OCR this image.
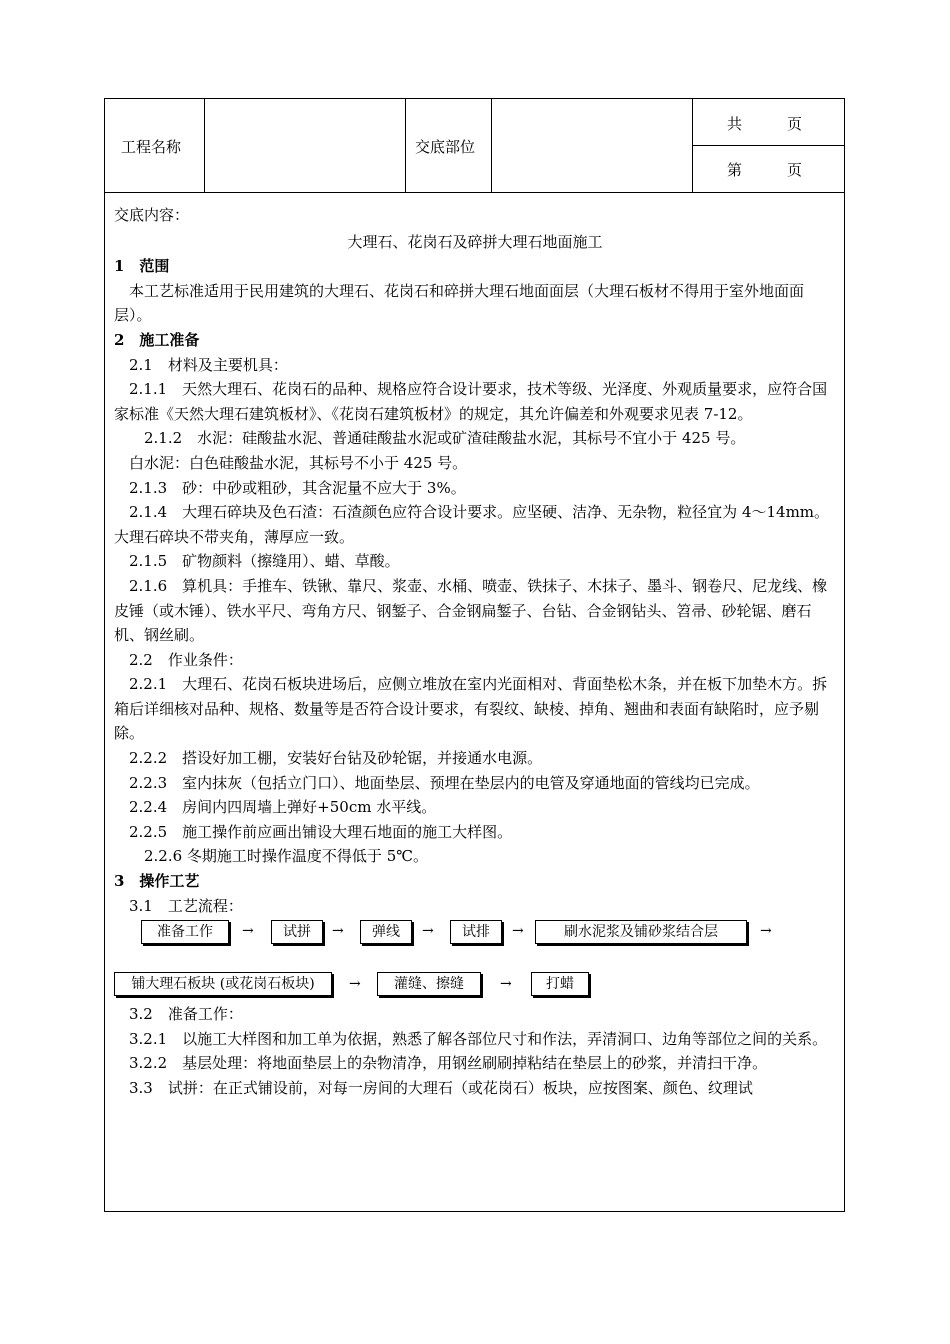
工程名称	交底部位
共　　　页
第　　　页

交底内容：

大理石、花岗石及碎拼大理石地面施工

1　范围

　本工艺标准适用于民用建筑的大理石、花岗石和碎拼大理石地面面层（大理石板材不得用于室外地面面层）。

2　施工准备

　2.1　材料及主要机具：

　2.1.1　天然大理石、花岗石的品种、规格应符合设计要求，技术等级、光泽度、外观质量要求，应符合国家标准《天然大理石建筑板材》、《花岗石建筑板材》的规定，其允许偏差和外观要求见表 7-12。

　　2.1.2　水泥：硅酸盐水泥、普通硅酸盐水泥或矿渣硅酸盐水泥，其标号不宜小于 425 号。

　白水泥：白色硅酸盐水泥，其标号不小于 425 号。

　2.1.3　砂：中砂或粗砂，其含泥量不应大于 3%。

　2.1.4　大理石碎块及色石渣：石渣颜色应符合设计要求。应坚硬、洁净、无杂物，粒径宜为 4～14mm。大理石碎块不带夹角，薄厚应一致。

　2.1.5　矿物颜料（擦缝用）、蜡、草酸。

　2.1.6　算机具：手推车、铁锹、靠尺、浆壶、水桶、喷壶、铁抹子、木抹子、墨斗、钢卷尺、尼龙线、橡皮锤（或木锤）、铁水平尺、弯角方尺、钢錾子、合金钢扁錾子、台钻、合金钢钻头、笤帚、砂轮锯、磨石机、钢丝刷。

　2.2　作业条件：

　2.2.1　大理石、花岗石板块进场后，应侧立堆放在室内光面相对、背面垫松木条，并在板下加垫木方。拆箱后详细核对品种、规格、数量等是否符合设计要求，有裂纹、缺棱、掉角、翘曲和表面有缺陷时，应予剔除。

　2.2.2　搭设好加工棚，安装好台钻及砂轮锯，并接通水电源。

　2.2.3　室内抹灰（包括立门口）、地面垫层、预埋在垫层内的电管及穿通地面的管线均已完成。

　2.2.4　房间内四周墙上弹好+50cm 水平线。

　2.2.5　施工操作前应画出铺设大理石地面的施工大样图。

　　2.2.6 冬期施工时操作温度不得低于 5℃。

3　操作工艺

　3.1　工艺流程：

准备工作	→	试拼	→	弹线	→	试排	→	刷水泥浆及铺砂浆结合层	→
铺大理石板块 (或花岗石板块)	→	灌缝、擦缝	→	打蜡

　3.2　准备工作：

　3.2.1　以施工大样图和加工单为依据，熟悉了解各部位尺寸和作法，弄清洞口、边角等部位之间的关系。

　3.2.2　基层处理：将地面垫层上的杂物清净，用钢丝刷刷掉粘结在垫层上的砂浆，并清扫干净。

　3.3　试拼：在正式铺设前，对每一房间的大理石（或花岗石）板块，应按图案、颜色、纹理试
